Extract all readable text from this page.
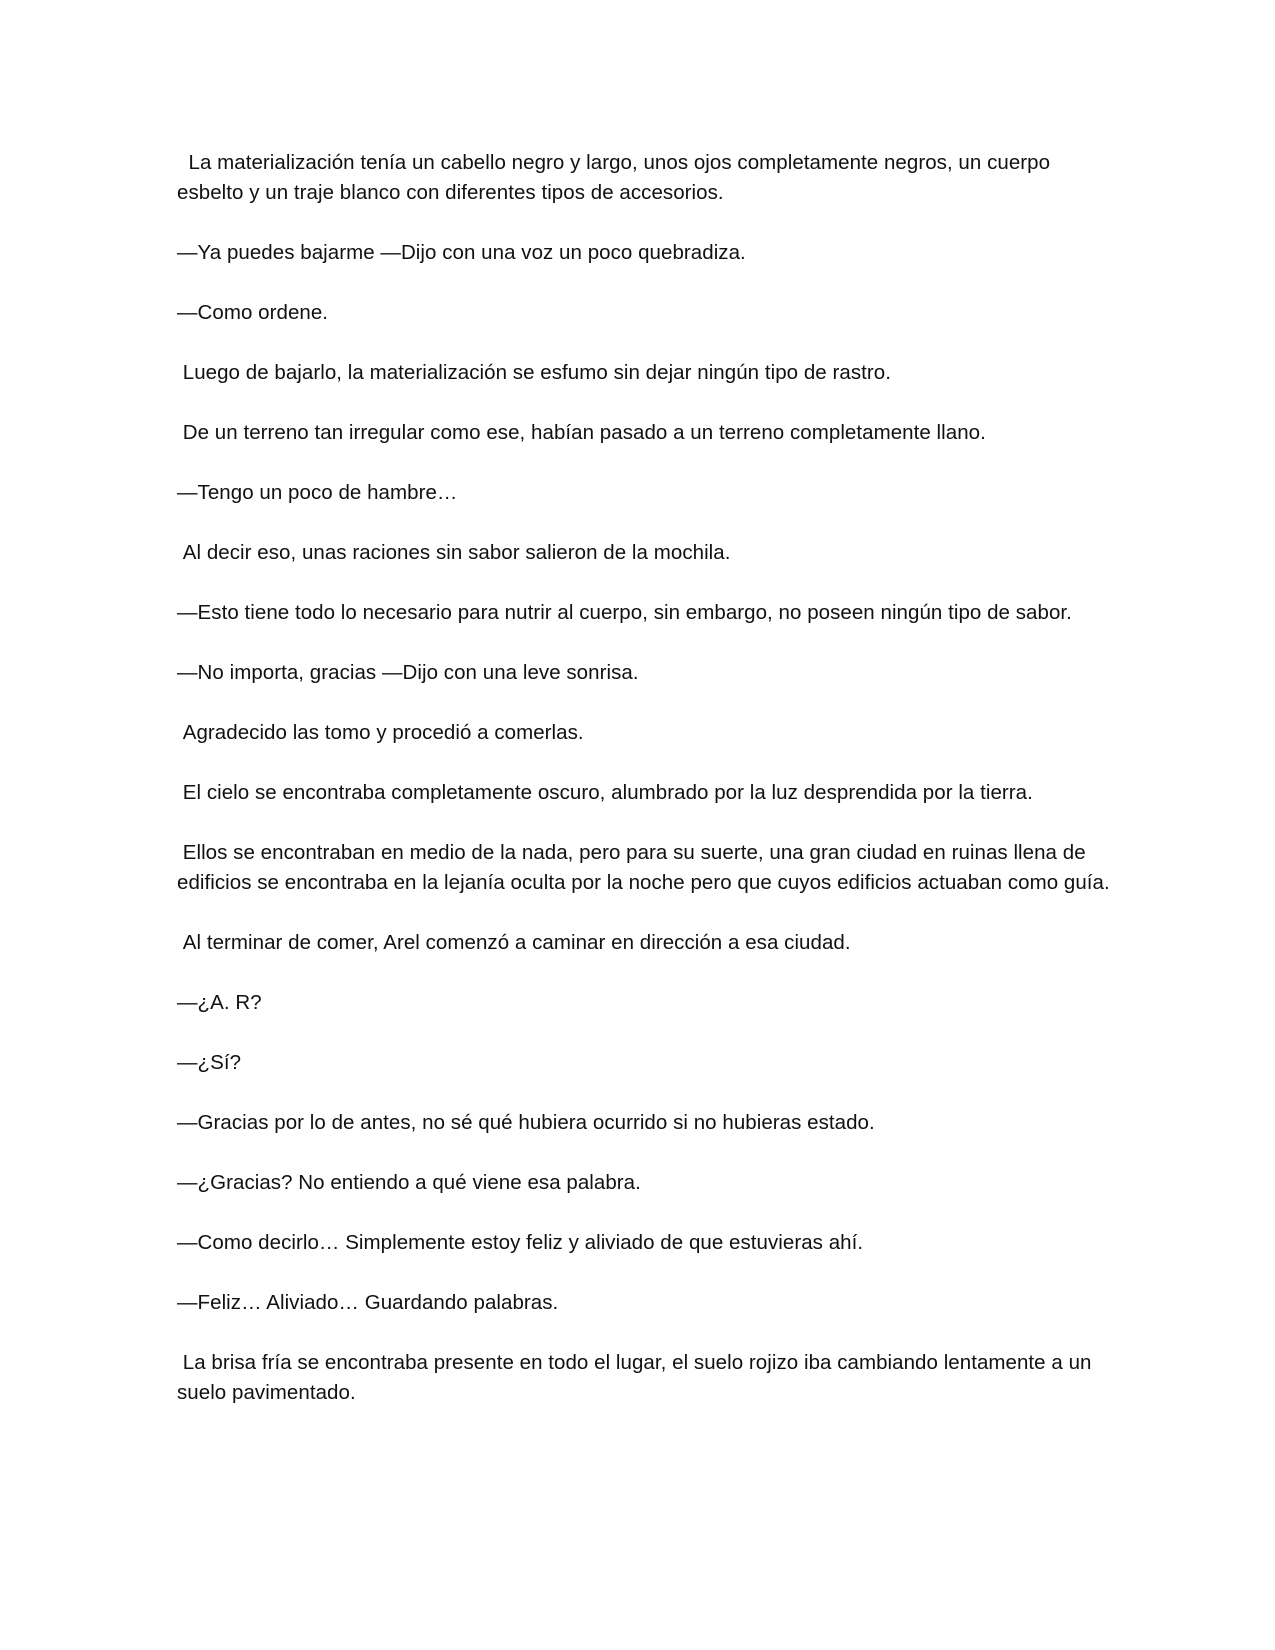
La materialización tenía un cabello negro y largo, unos ojos completamente negros, un cuerpo esbelto y un traje blanco con diferentes tipos de accesorios.

—Ya puedes bajarme —Dijo con una voz un poco quebradiza.

—Como ordene.

Luego de bajarlo, la materialización se esfumo sin dejar ningún tipo de rastro.

De un terreno tan irregular como ese, habían pasado a un terreno completamente llano.

—Tengo un poco de hambre…

Al decir eso, unas raciones sin sabor salieron de la mochila.

—Esto tiene todo lo necesario para nutrir al cuerpo, sin embargo, no poseen ningún tipo de sabor.

—No importa, gracias —Dijo con una leve sonrisa.

Agradecido las tomo y procedió a comerlas.

El cielo se encontraba completamente oscuro, alumbrado por la luz desprendida por la tierra.

Ellos se encontraban en medio de la nada, pero para su suerte, una gran ciudad en ruinas llena de edificios se encontraba en la lejanía oculta por la noche pero que cuyos edificios actuaban como guía.

Al terminar de comer, Arel comenzó a caminar en dirección a esa ciudad.

—¿A. R?

—¿Sí?

—Gracias por lo de antes, no sé qué hubiera ocurrido si no hubieras estado.

—¿Gracias? No entiendo a qué viene esa palabra.

—Como decirlo… Simplemente estoy feliz y aliviado de que estuvieras ahí.

—Feliz… Aliviado… Guardando palabras.

La brisa fría se encontraba presente en todo el lugar, el suelo rojizo iba cambiando lentamente a un suelo pavimentado.
